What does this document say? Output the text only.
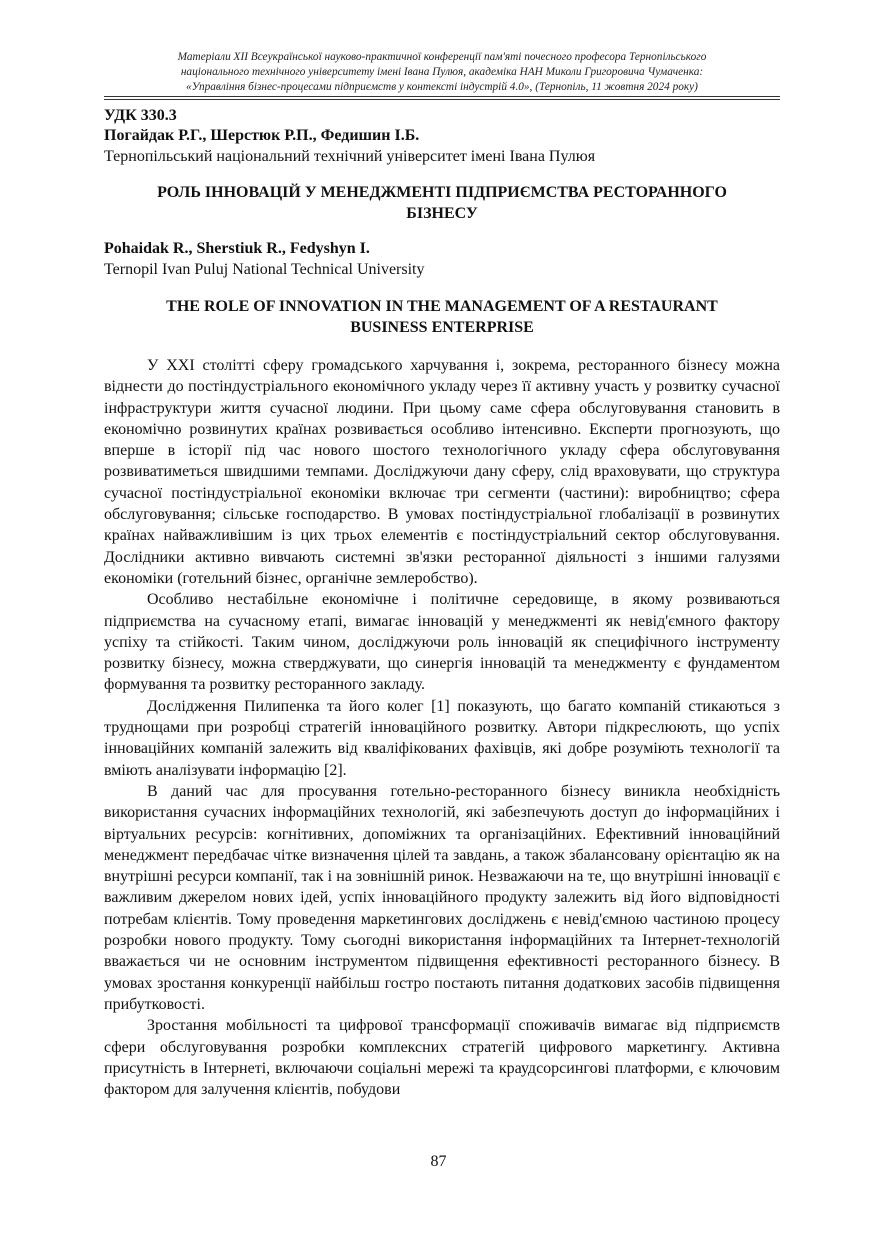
Матеріали XII Всеукраїнської науково-практичної конференції пам'яті почесного професора Тернопільського
національного технічного університету імені Івана Пулюя, академіка НАН Миколи Григоровича Чумаченка:
«Управління бізнес-процесами підприємств у контексті індустрій 4.0», (Тернопіль, 11 жовтня 2024 року)
УДК 330.3
Погайдак Р.Г., Шерстюк Р.П., Федишин І.Б.
Тернопільський національний технічний університет імені Івана Пулюя
РОЛЬ ІННОВАЦІЙ У МЕНЕДЖМЕНТІ ПІДПРИЄМСТВА РЕСТОРАННОГО
БІЗНЕСУ
Pohaidak R., Sherstiuk R., Fedyshyn I.
Ternopil Ivan Puluj National Technical University
THE ROLE OF INNOVATION IN THE MANAGEMENT OF A RESTAURANT
BUSINESS ENTERPRISE

У XXI столітті сферу громадського харчування і, зокрема, ресторанного бізнесу можна віднести до постіндустріального економічного укладу через її активну участь у розвитку сучасної інфраструктури життя сучасної людини. При цьому саме сфера обслуговування становить в економічно розвинутих країнах розвивається особливо інтенсивно. Експерти прогнозують, що вперше в історії під час нового шостого технологічного укладу сфера обслуговування розвиватиметься швидшими темпами. Досліджуючи дану сферу, слід враховувати, що структура сучасної постіндустріальної економіки включає три сегменти (частини): виробництво; сфера обслуговування; сільське господарство. В умовах постіндустріальної глобалізації в розвинутих країнах найважливішим із цих трьох елементів є постіндустріальний сектор обслуговування. Дослідники активно вивчають системні зв'язки ресторанної діяльності з іншими галузями економіки (готельний бізнес, органічне землеробство).

Особливо нестабільне економічне і політичне середовище, в якому розвиваються підприємства на сучасному етапі, вимагає інновацій у менеджменті як невід'ємного фактору успіху та стійкості. Таким чином, досліджуючи роль інновацій як специфічного інструменту розвитку бізнесу, можна стверджувати, що синергія інновацій та менеджменту є фундаментом формування та розвитку ресторанного закладу.

Дослідження Пилипенка та його колег [1] показують, що багато компаній стикаються з труднощами при розробці стратегій інноваційного розвитку. Автори підкреслюють, що успіх інноваційних компаній залежить від кваліфікованих фахівців, які добре розуміють технології та вміють аналізувати інформацію [2].

В даний час для просування готельно-ресторанного бізнесу виникла необхідність використання сучасних інформаційних технологій, які забезпечують доступ до інформаційних і віртуальних ресурсів: когнітивних, допоміжних та організаційних. Ефективний інноваційний менеджмент передбачає чітке визначення цілей та завдань, а також збалансовану орієнтацію як на внутрішні ресурси компанії, так і на зовнішній ринок. Незважаючи на те, що внутрішні інновації є важливим джерелом нових ідей, успіх інноваційного продукту залежить від його відповідності потребам клієнтів. Тому проведення маркетингових досліджень є невід'ємною частиною процесу розробки нового продукту. Тому сьогодні використання інформаційних та Інтернет-технологій вважається чи не основним інструментом підвищення ефективності ресторанного бізнесу. В умовах зростання конкуренції найбільш гостро постають питання додаткових засобів підвищення прибутковості.

Зростання мобільності та цифрової трансформації споживачів вимагає від підприємств сфери обслуговування розробки комплексних стратегій цифрового маркетингу. Активна присутність в Інтернеті, включаючи соціальні мережі та краудсорсингові платформи, є ключовим фактором для залучення клієнтів, побудови

87
